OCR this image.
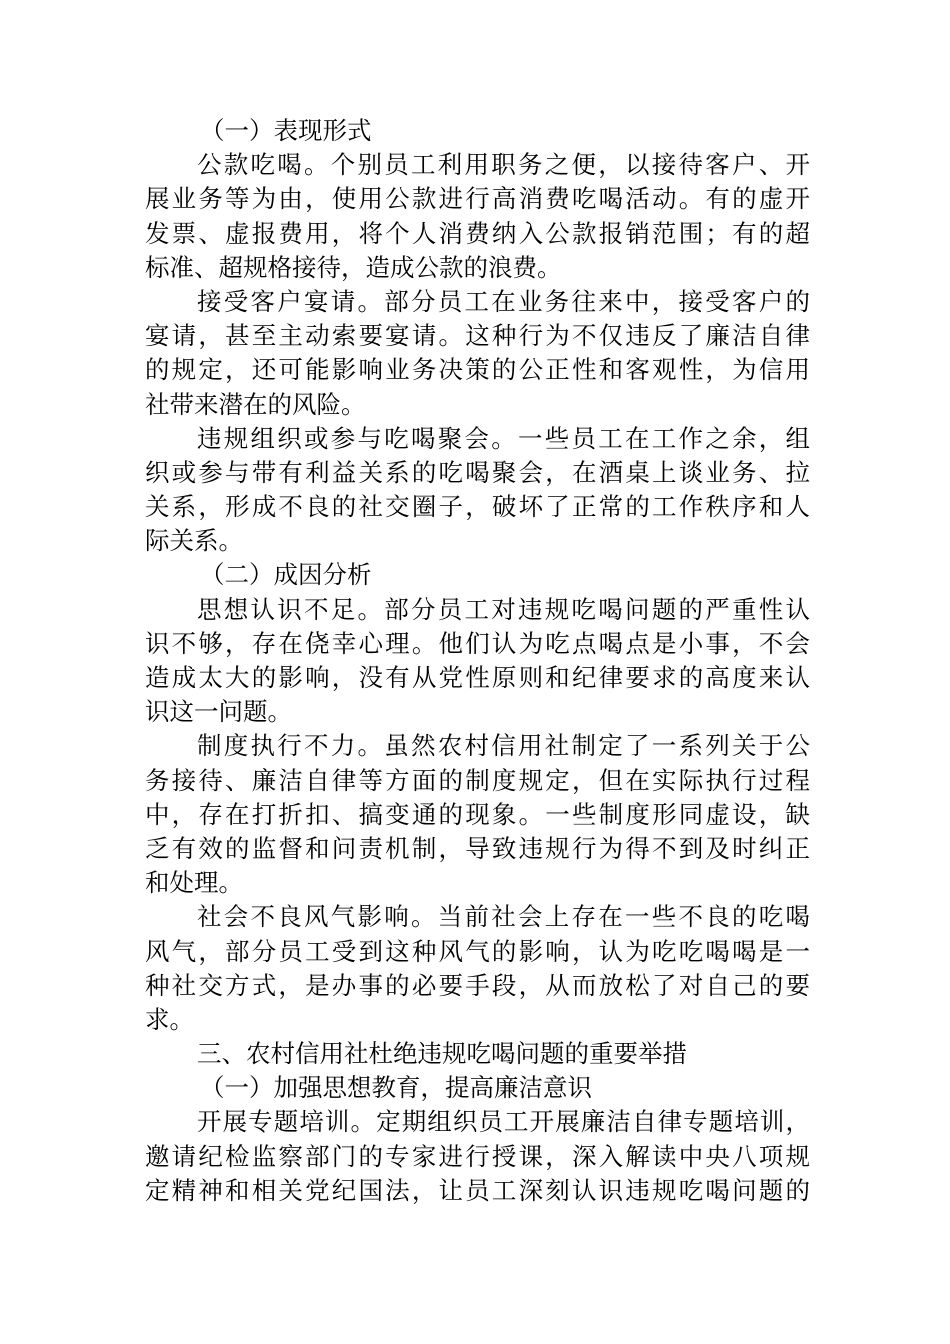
（一）表现形式
公款吃喝。个别员工利用职务之便，以接待客户、开
展业务等为由，使用公款进行高消费吃喝活动。有的虚开
发票、虚报费用，将个人消费纳入公款报销范围；有的超
标准、超规格接待，造成公款的浪费。
接受客户宴请。部分员工在业务往来中，接受客户的
宴请，甚至主动索要宴请。这种行为不仅违反了廉洁自律
的规定，还可能影响业务决策的公正性和客观性，为信用
社带来潜在的风险。
违规组织或参与吃喝聚会。一些员工在工作之余，组
织或参与带有利益关系的吃喝聚会，在酒桌上谈业务、拉
关系，形成不良的社交圈子，破坏了正常的工作秩序和人
际关系。
（二）成因分析
思想认识不足。部分员工对违规吃喝问题的严重性认
识不够，存在侥幸心理。他们认为吃点喝点是小事，不会
造成太大的影响，没有从党性原则和纪律要求的高度来认
识这一问题。
制度执行不力。虽然农村信用社制定了一系列关于公
务接待、廉洁自律等方面的制度规定，但在实际执行过程
中，存在打折扣、搞变通的现象。一些制度形同虚设，缺
乏有效的监督和问责机制，导致违规行为得不到及时纠正
和处理。
社会不良风气影响。当前社会上存在一些不良的吃喝
风气，部分员工受到这种风气的影响，认为吃吃喝喝是一
种社交方式，是办事的必要手段，从而放松了对自己的要
求。
三、农村信用社杜绝违规吃喝问题的重要举措
（一）加强思想教育，提高廉洁意识
开展专题培训。定期组织员工开展廉洁自律专题培训，
邀请纪检监察部门的专家进行授课，深入解读中央八项规
定精神和相关党纪国法，让员工深刻认识违规吃喝问题的
